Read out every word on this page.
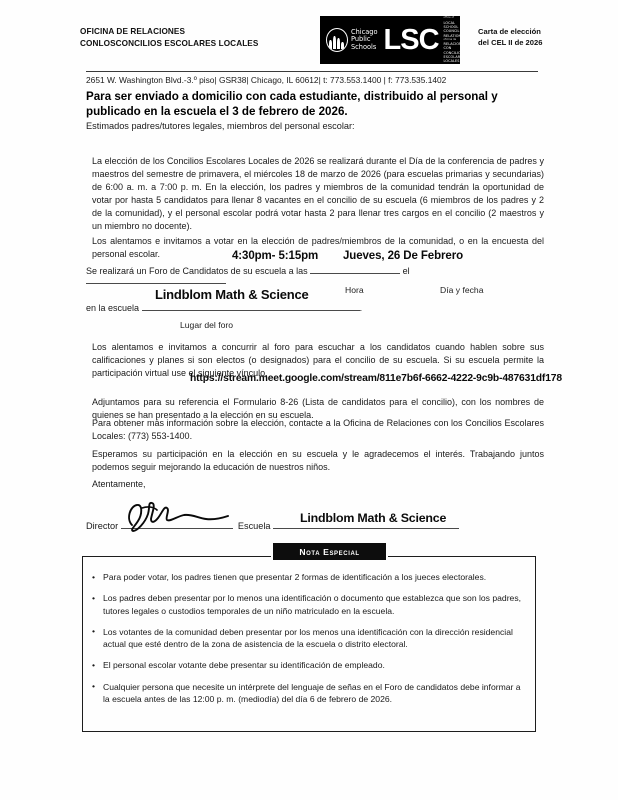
OFICINA DE RELACIONES
CONLOSCONCILIOS ESCOLARES LOCALES
Chicago
Public
Schools LSC
office of
LOCAL SCHOOL COUNCIL RELATIONS
oficina de
RELACIONES CON CONCILIOS ESCOLARES LOCALES
Carta de elección
del CEL II de 2026
2651 W. Washington Blvd.-3.º piso| GSR38| Chicago, IL 60612| t: 773.553.1400 | f: 773.535.1402
Para ser enviado a domicilio con cada estudiante, distribuido al personal y publicado en la escuela el 3 de febrero de 2026.
Estimados padres/tutores legales, miembros del personal escolar:
La elección de los Concilios Escolares Locales de 2026 se realizará durante el Día de la conferencia de padres y maestros del semestre de primavera, el miércoles 18 de marzo de 2026 (para escuelas primarias y secundarias) de 6:00 a. m. a 7:00 p. m. En la elección, los padres y miembros de la comunidad tendrán la oportunidad de votar por hasta 5 candidatos para llenar 8 vacantes en el concilio de su escuela (6 miembros de los padres y 2 de la comunidad), y el personal escolar podrá votar hasta 2 para llenar tres cargos en el concilio (2 maestros y un miembro no docente).
Los alentamos e invitamos a votar en la elección de padres/miembros de la comunidad, o en la encuesta del personal escolar.
Se realizará un Foro de Candidatos de su escuela a las	el
4:30pm- 5:15pm Jueves, 26 De Febrero
Hora	Día y fecha
en la escuela	.
Lindblom Math & Science
Lugar del foro
Los alentamos e invitamos a concurrir al foro para escuchar a los candidatos cuando hablen sobre sus calificaciones y planes si son electos (o designados) para el concilio de su escuela. Si su escuela permite la participación virtual use el siguiente vínculo.
https://stream.meet.google.com/stream/811e7b6f-6662-4222-9c9b-487631df178
Adjuntamos para su referencia el Formulario 8-26 (Lista de candidatos para el concilio), con los nombres de quienes se han presentado a la elección en su escuela.
Para obtener más información sobre la elección, contacte a la Oficina de Relaciones con los Concilios Escolares Locales: (773) 553-1400.
Esperamos su participación en la elección en su escuela y le agradecemos el interés. Trabajando juntos podemos seguir mejorando la educación de nuestros niños.
Atentamente,
Director	Escuela
Lindblom Math & Science
Nota Especial
• Para poder votar, los padres tienen que presentar 2 formas de identificación a los jueces electorales.
• Los padres deben presentar por lo menos una identificación o documento que establezca que son los padres, tutores legales o custodios temporales de un niño matriculado en la escuela.
• Los votantes de la comunidad deben presentar por los menos una identificación con la dirección residencial actual que esté dentro de la zona de asistencia de la escuela o distrito electoral.
• El personal escolar votante debe presentar su identificación de empleado.
• Cualquier persona que necesite un intérprete del lenguaje de señas en el Foro de candidatos debe informar a la escuela antes de las 12:00 p. m. (mediodía) del día 6 de febrero de 2026.
